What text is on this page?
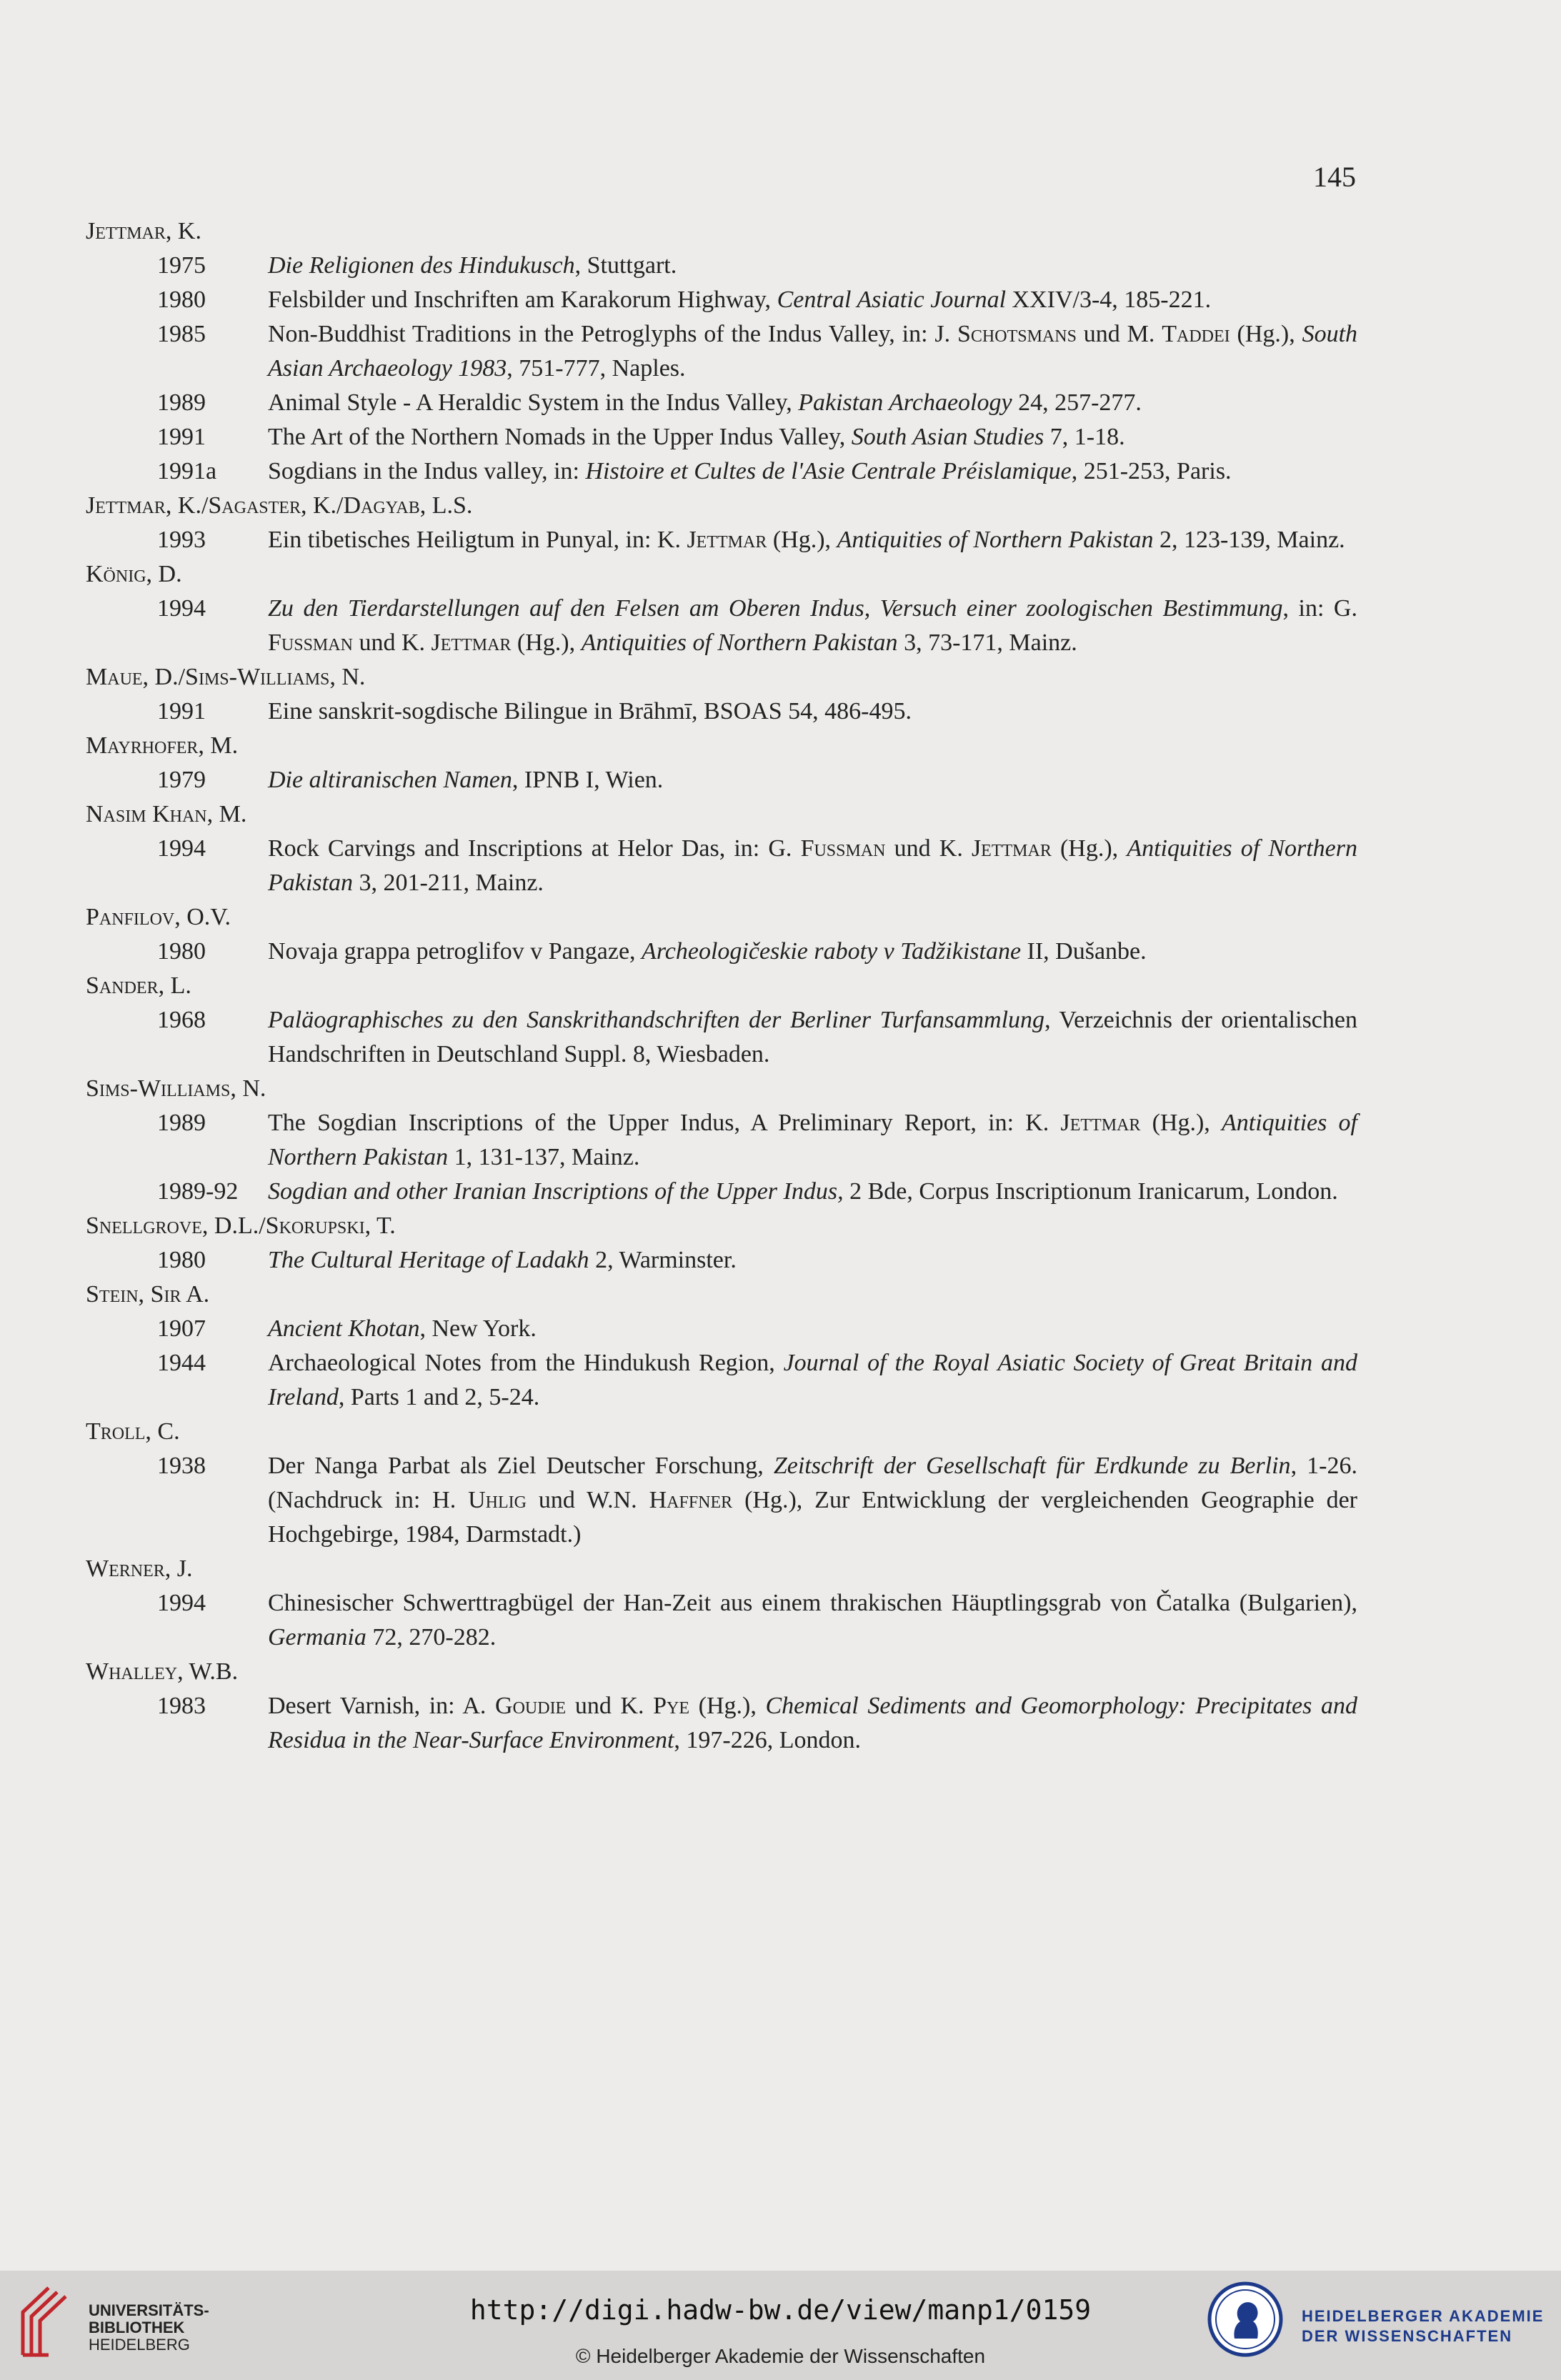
145
Jettmar, K.
1975	Die Religionen des Hindukusch, Stuttgart.
1980	Felsbilder und Inschriften am Karakorum Highway, Central Asiatic Journal XXIV/3-4, 185-221.
1985	Non-Buddhist Traditions in the Petroglyphs of the Indus Valley, in: J. Schotsmans und M. Taddei (Hg.), South Asian Archaeology 1983, 751-777, Naples.
1989	Animal Style - A Heraldic System in the Indus Valley, Pakistan Archaeology 24, 257-277.
1991	The Art of the Northern Nomads in the Upper Indus Valley, South Asian Studies 7, 1-18.
1991a Sogdians in the Indus valley, in: Histoire et Cultes de l'Asie Centrale Préislamique, 251-253, Paris.
Jettmar, K./Sagaster, K./Dagyab, L.S.
1993	Ein tibetisches Heiligtum in Punyal, in: K. Jettmar (Hg.), Antiquities of Northern Pakistan 2, 123-139, Mainz.
König, D.
1994	Zu den Tierdarstellungen auf den Felsen am Oberen Indus, Versuch einer zoologischen Bestimmung, in: G. Fussman und K. Jettmar (Hg.), Antiquities of Northern Pakistan 3, 73-171, Mainz.
Maue, D./Sims-Williams, N.
1991	Eine sanskrit-sogdische Bilingue in Brāhmī, BSOAS 54, 486-495.
Mayrhofer, M.
1979	Die altiranischen Namen, IPNB I, Wien.
Nasim Khan, M.
1994	Rock Carvings and Inscriptions at Helor Das, in: G. Fussman und K. Jettmar (Hg.), Antiquities of Northern Pakistan 3, 201-211, Mainz.
Panfilov, O.V.
1980	Novaja grappa petroglifov v Pangaze, Archeologičeskie raboty v Tadžikistane II, Dušanbe.
Sander, L.
1968	Paläographisches zu den Sanskrithandschriften der Berliner Turfansammlung, Verzeichnis der orientalischen Handschriften in Deutschland Suppl. 8, Wiesbaden.
Sims-Williams, N.
1989	The Sogdian Inscriptions of the Upper Indus, A Preliminary Report, in: K. Jettmar (Hg.), Antiquities of Northern Pakistan 1, 131-137, Mainz.
1989-92 Sogdian and other Iranian Inscriptions of the Upper Indus, 2 Bde, Corpus Inscriptionum Iranicarum, London.
Snellgrove, D.L./Skorupski, T.
1980	The Cultural Heritage of Ladakh 2, Warminster.
Stein, Sir A.
1907	Ancient Khotan, New York.
1944	Archaeological Notes from the Hindukush Region, Journal of the Royal Asiatic Society of Great Britain and Ireland, Parts 1 and 2, 5-24.
Troll, C.
1938	Der Nanga Parbat als Ziel Deutscher Forschung, Zeitschrift der Gesellschaft für Erdkunde zu Berlin, 1-26. (Nachdruck in: H. Uhlig und W.N. Haffner (Hg.), Zur Entwicklung der vergleichenden Geographie der Hochgebirge, 1984, Darmstadt.)
Werner, J.
1994	Chinesischer Schwerttragbügel der Han-Zeit aus einem thrakischen Häuptlingsgrab von Čatalka (Bulgarien), Germania 72, 270-282.
Whalley, W.B.
1983	Desert Varnish, in: A. Goudie und K. Pye (Hg.), Chemical Sediments and Geomorphology: Precipitates and Residua in the Near-Surface Environment, 197-226, London.
UNIVERSITÄTS-
BIBLIOTHEK
HEIDELBERG
http://digi.hadw-bw.de/view/manp1/0159
© Heidelberger Akademie der Wissenschaften
HEIDELBERGER AKADEMIE
DER WISSENSCHAFTEN
